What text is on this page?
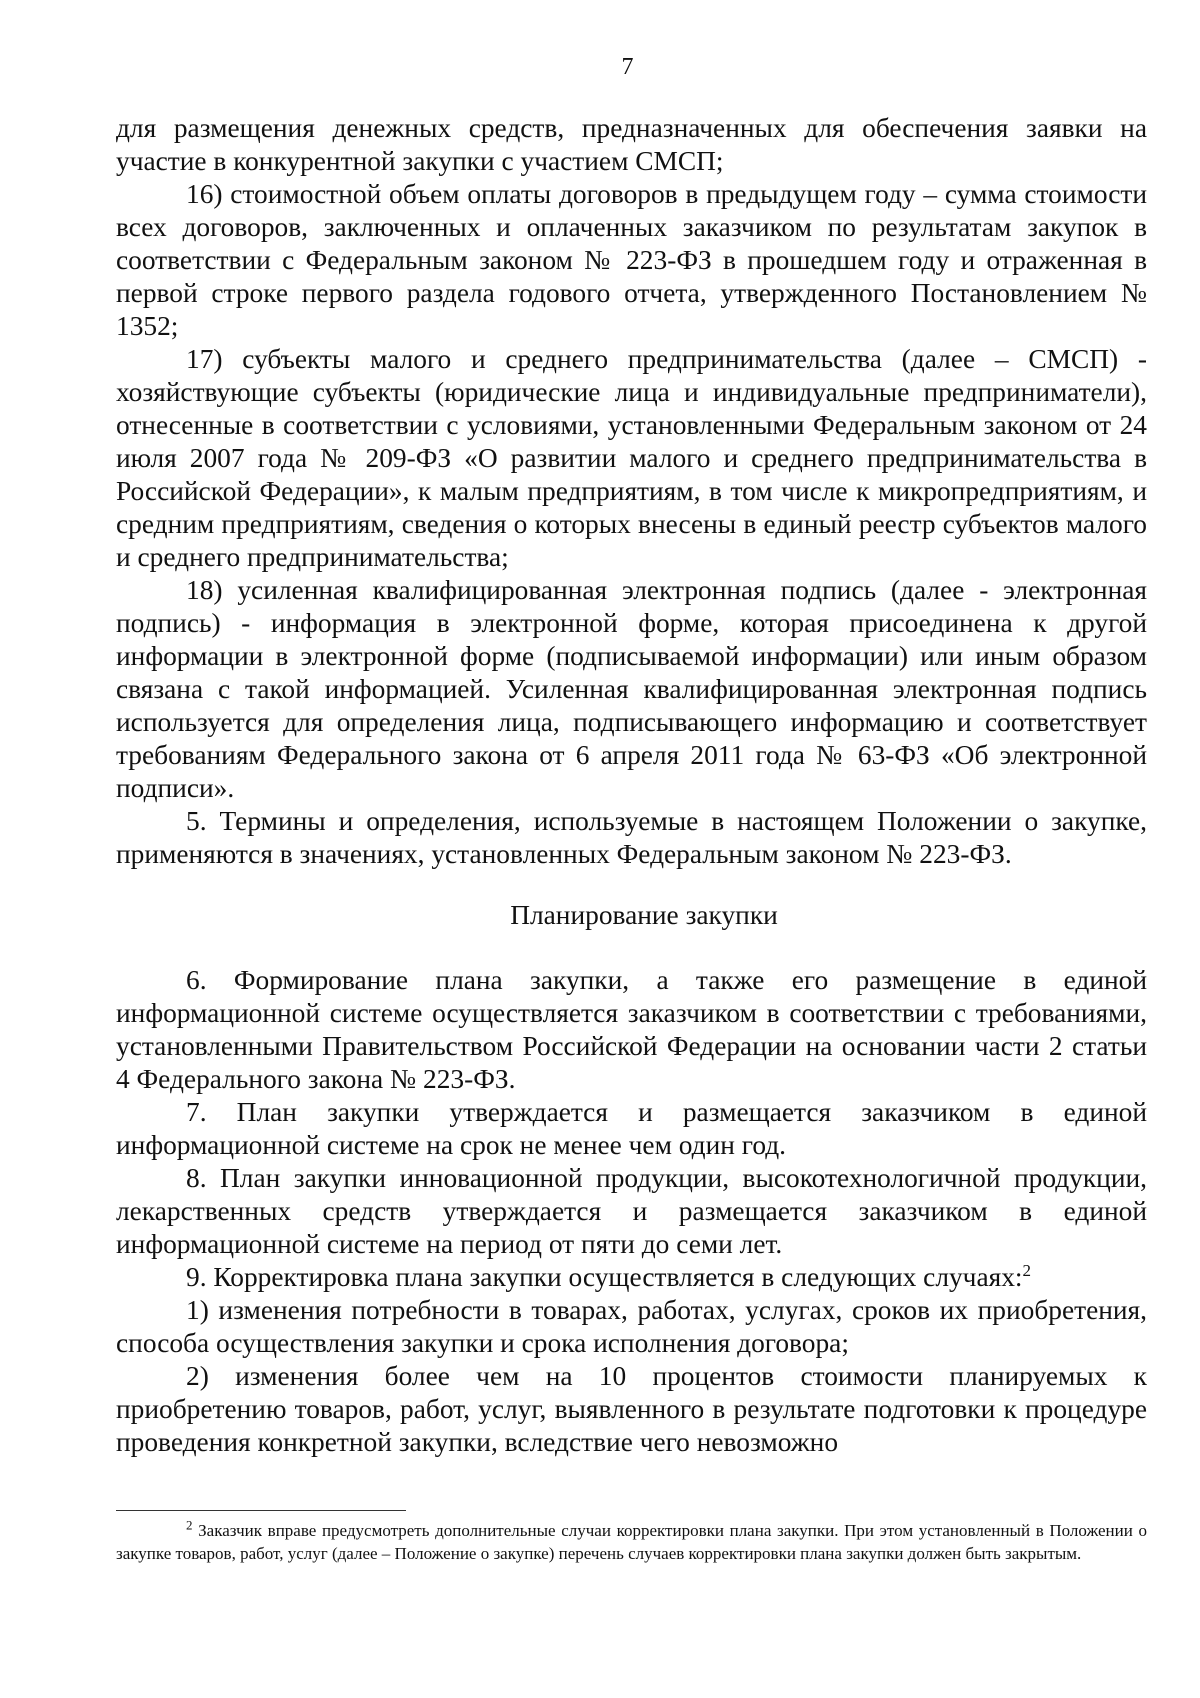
7

для размещения денежных средств, предназначенных для обеспечения заявки на участие в конкурентной закупки с участием СМСП;

16) стоимостной объем оплаты договоров в предыдущем году – сумма стоимости всех договоров, заключенных и оплаченных заказчиком по результатам закупок в соответствии с Федеральным законом № 223-ФЗ в прошедшем году и отраженная в первой строке первого раздела годового отчета, утвержденного Постановлением № 1352;

17) субъекты малого и среднего предпринимательства (далее – СМСП) - хозяйствующие субъекты (юридические лица и индивидуальные предприниматели), отнесенные в соответствии с условиями, установленными Федеральным законом от 24 июля 2007 года № 209-ФЗ «О развитии малого и среднего предпринимательства в Российской Федерации», к малым предприятиям, в том числе к микропредприятиям, и средним предприятиям, сведения о которых внесены в единый реестр субъектов малого и среднего предпринимательства;

18) усиленная квалифицированная электронная подпись (далее - электронная подпись) - информация в электронной форме, которая присоединена к другой информации в электронной форме (подписываемой информации) или иным образом связана с такой информацией. Усиленная квалифицированная электронная подпись используется для определения лица, подписывающего информацию и соответствует требованиям Федерального закона от 6 апреля 2011 года № 63-ФЗ «Об электронной подписи».

5. Термины и определения, используемые в настоящем Положении о закупке, применяются в значениях, установленных Федеральным законом № 223-ФЗ.

Планирование закупки

6. Формирование плана закупки, а также его размещение в единой информационной системе осуществляется заказчиком в соответствии с требованиями, установленными Правительством Российской Федерации на основании части 2 статьи 4 Федерального закона № 223-ФЗ.

7. План закупки утверждается и размещается заказчиком в единой информационной системе на срок не менее чем один год.

8. План закупки инновационной продукции, высокотехнологичной продукции, лекарственных средств утверждается и размещается заказчиком в единой информационной системе на период от пяти до семи лет.

9. Корректировка плана закупки осуществляется в следующих случаях:$^2$

1) изменения потребности в товарах, работах, услугах, сроков их приобретения, способа осуществления закупки и срока исполнения договора;

2) изменения более чем на 10 процентов стоимости планируемых к приобретению товаров, работ, услуг, выявленного в результате подготовки к процедуре проведения конкретной закупки, вследствие чего невозможно

$^2$ Заказчик вправе предусмотреть дополнительные случаи корректировки плана закупки. При этом установленный в Положении о закупке товаров, работ, услуг (далее – Положение о закупке) перечень случаев корректировки плана закупки должен быть закрытым.
